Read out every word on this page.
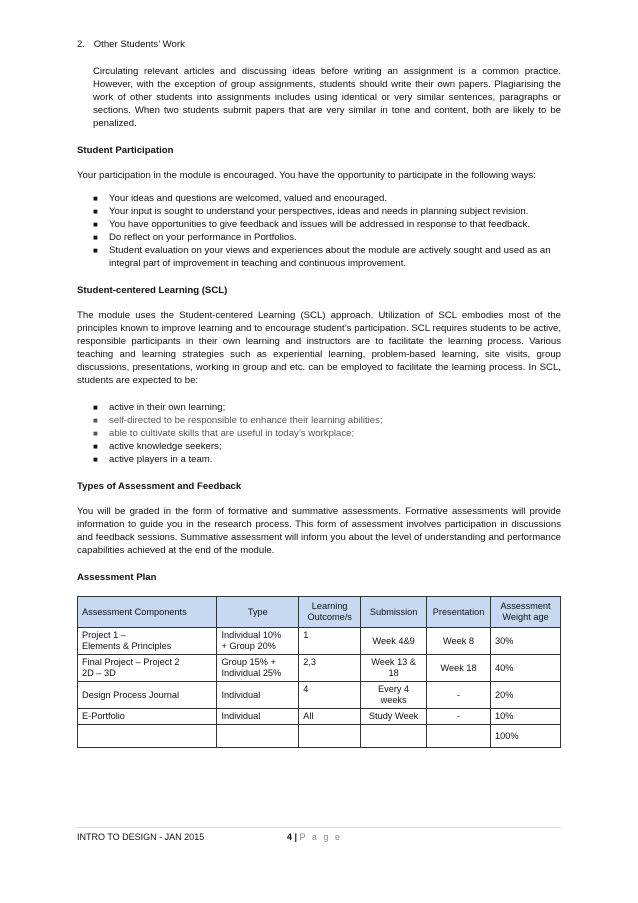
2. Other Students’ Work

Circulating relevant articles and discussing ideas before writing an assignment is a common practice. However, with the exception of group assignments, students should write their own papers. Plagiarising the work of other students into assignments includes using identical or very similar sentences, paragraphs or sections. When two students submit papers that are very similar in tone and content, both are likely to be penalized.

Student Participation

Your participation in the module is encouraged. You have the opportunity to participate in the following ways:

■ Your ideas and questions are welcomed, valued and encouraged.
■ Your input is sought to understand your perspectives, ideas and needs in planning subject revision.
■ You have opportunities to give feedback and issues will be addressed in response to that feedback.
■ Do reflect on your performance in Portfolios.
■ Student evaluation on your views and experiences about the module are actively sought and used as an integral part of improvement in teaching and continuous improvement.
Student-centered Learning (SCL)

The module uses the Student-centered Learning (SCL) approach. Utilization of SCL embodies most of the principles known to improve learning and to encourage student’s participation. SCL requires students to be active, responsible participants in their own learning and instructors are to facilitate the learning process. Various teaching and learning strategies such as experiential learning, problem-based learning, site visits, group discussions, presentations, working in group and etc. can be employed to facilitate the learning process. In SCL, students are expected to be:

■ active in their own learning;
■ self-directed to be responsible to enhance their learning abilities;
■ able to cultivate skills that are useful in today’s workplace;
■ active knowledge seekers;
■ active players in a team.
Types of Assessment and Feedback

You will be graded in the form of formative and summative assessments. Formative assessments will provide information to guide you in the research process. This form of assessment involves participation in discussions and feedback sessions. Summative assessment will inform you about the level of understanding and performance capabilities achieved at the end of the module.

Assessment Plan
Assessment Components	Type	Learning Outcome/s	Submission	Presentation	Assessment Weight age
Project 1 –
Elements & Principles	Individual 10%
+ Group 20%	1	Week 4&9	Week 8	30%
Final Project – Project 2
2D – 3D	Group 15% +
Individual 25%	2,3	Week 13 &
18	Week 18	40%
Design Process Journal	Individual	4	Every 4
weeks	-	20%
E-Portfolio	Individual	All	Study Week	-	10%
					100%
INTRO TO DESIGN - JAN 2015	4 | P a g e
